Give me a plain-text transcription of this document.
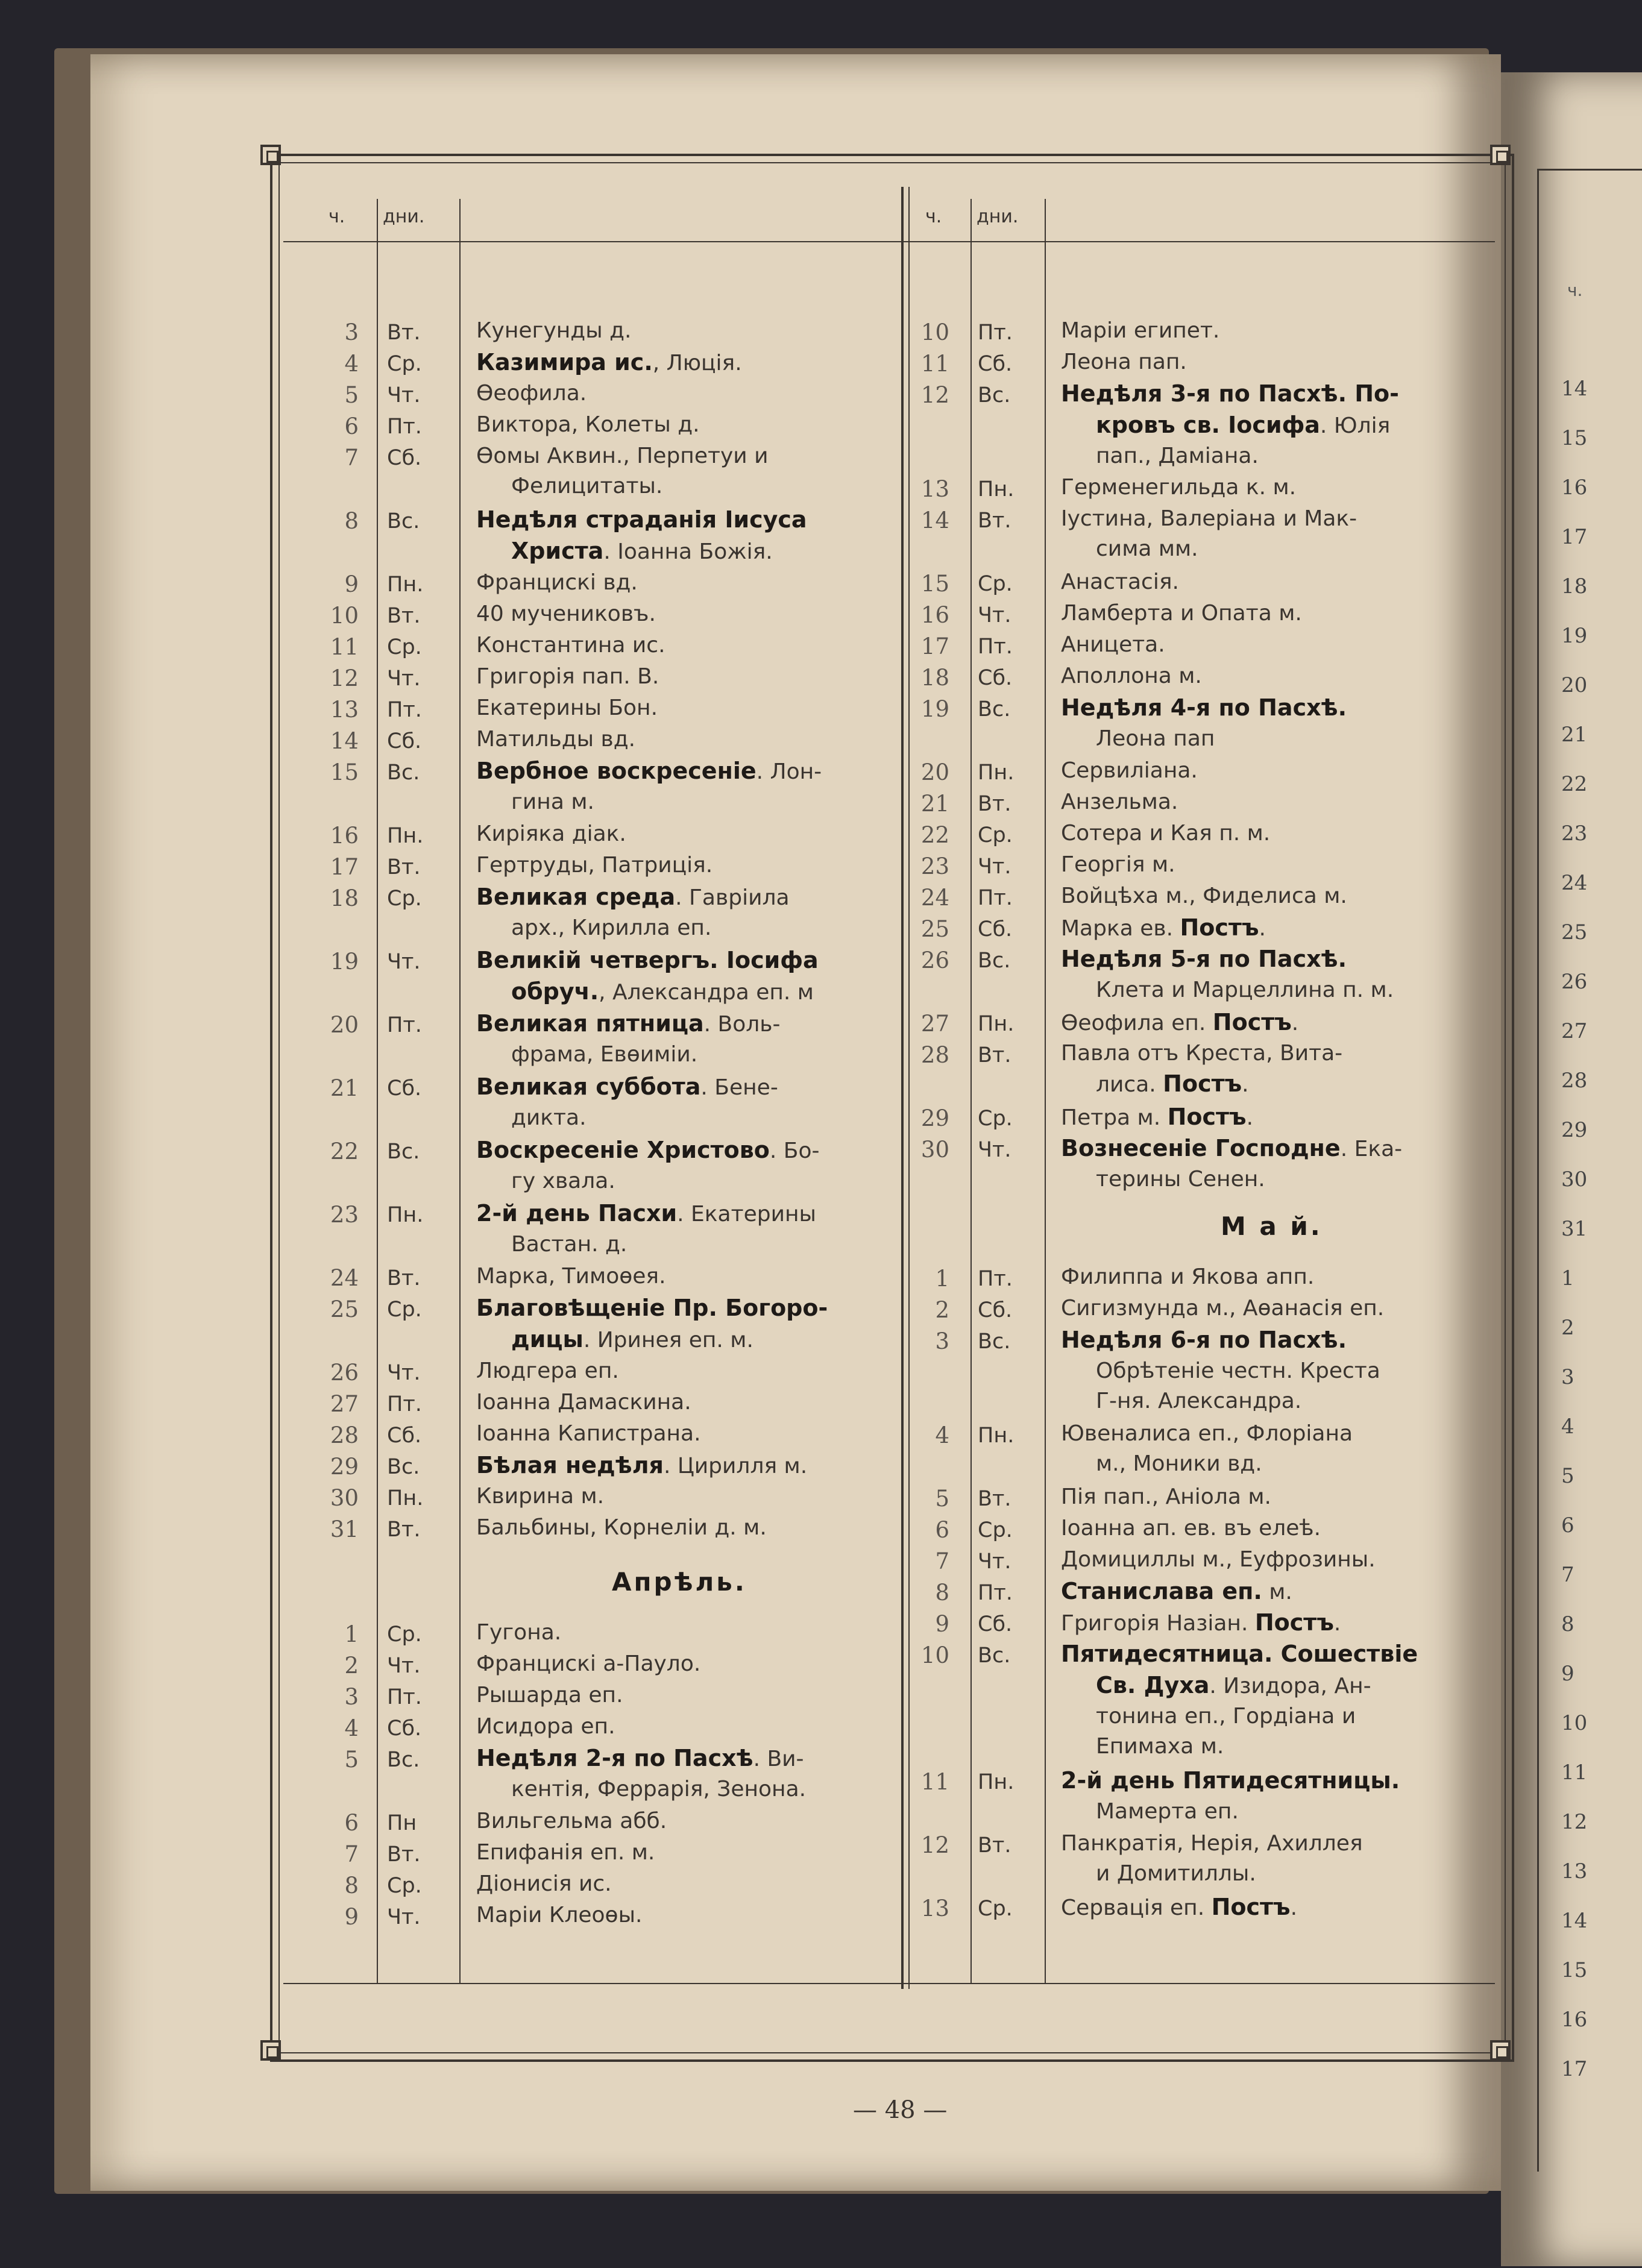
ч.
14
15
16
17
18
19
20
21
22
23
24
25
26
27
28
29
30
31
1
2
3
4
5
6
7
8
9
10
11
12
13
14
15
16
17
ч. дни.	ч. дни.
3 Вт.	Кунегунды д.
4 Ср. Казимира ис., Люція.
5 Чт.	Өеофила.
6 Пт.	Виктора, Колеты д.
7 Сб.	Өомы Аквин., Перпетуи и
Фелицитаты.
8 Вс. Недѣля страданія Іисуса
Христа. Іоанна Божія.
9 Пн. Францискі вд.
10 Вт.	40 мучениковъ.
11 Ср.	Константина ис.
12 Чт.	Григорія пап. В.
13 Пт.	Екатерины Бон.
14 Сб.	Матильды вд.
15 Вс. Вербное воскресеніе. Лон-
гина м.
16 Пн. Киріяка діак.
17 Вт.	Гертруды, Патриція.
18 Ср. Великая среда. Гавріила
арх., Кирилла еп.
19 Чт. Великій четвергъ. Іосифа
обруч., Александра еп. м
20 Пт. Великая пятница. Воль-
фрама, Евѳиміи.
21 Сб. Великая суббота. Бене-
дикта.
22 Вс. Воскресеніе Христово. Бо-
гу хвала.
23 Пн. 2-й день Пасхи. Екатерины
Вастан. д.
24 Вт.	Марка, Тимоѳея.
25 Ср. Благовѣщеніе Пр. Богоро-
дицы. Иринея еп. м.
26 Чт.	Людгера еп.
27 Пт.	Іоанна Дамаскина.
28 Сб.	Іоанна Капистрана.
29 Вс. Бѣлая недѣля. Цирилля м.
30 Пн. Квирина м.
31 Вт.	Бальбины, Корнеліи д. м.
1 Ср.	Гугона.
2 Чт.	Францискі а-Пауло.
3 Пт.	Рышарда еп.
4 Сб.	Исидора еп.
5 Вс. Недѣля 2-я по Пасхѣ. Ви-
кентія, Феррарія, Зенона.
6 Пн	Вильгельма абб.
7 Вт.	Епифанія еп. м.
8 Ср.	Діонисія ис.
9 Чт.	Маріи Клеоѳы.
Апрѣль.
10 Пт. Маріи египет.
11 Сб. Леона пап.
12 Вс. Недѣля 3-я по Пасхѣ. По-
кровъ св. Іосифа. Юлія
пап., Даміана.
13 Пн. Герменегильда к. м.
14 Вт. Іустина, Валеріана и Мак-
сима мм.
15 Ср. Анастасія.
16 Чт. Ламберта и Опата м.
17 Пт. Аницета.
18 Сб. Аполлона м.
19 Вс. Недѣля 4-я по Пасхѣ.
Леона пап
20 Пн. Сервиліана.
21 Вт. Анзельма.
22 Ср. Сотера и Кая п. м.
23 Чт. Георгія м.
24 Пт. Войцѣха м., Фиделиса м.
25 Сб. Марка ев. Постъ.
26 Вс. Недѣля 5-я по Пасхѣ.
Клета и Марцеллина п. м.
27 Пн. Өеофила еп. Постъ.
28 Вт. Павла отъ Креста, Вита-
лиса. Постъ.
29 Ср. Петра м. Постъ.
30 Чт. Вознесеніе Господне. Ека-
терины Сенен.
1 Пт. Филиппа и Якова апп.
2 Сб. Сигизмунда м., Аѳанасія еп.
3 Вс. Недѣля 6-я по Пасхѣ.
Обрѣтеніе честн. Креста
Г-ня. Александра.
4 Пн. Ювеналиса еп., Флоріана
м., Моники вд.
5 Вт. Пія пап., Аніола м.
6 Ср. Іоанна ап. ев. въ елеѣ.
7 Чт. Домициллы м., Еуфрозины.
8 Пт. Станислава еп. м.
9 Сб. Григорія Назіан. Постъ.
10 Вс. Пятидесятница. Сошествіе
Св. Духа. Изидора, Ан-
тонина еп., Гордіана и
Епимаха м.
11 Пн. 2-й день Пятидесятницы.
Мамерта еп.
12 Вт. Панкратія, Нерія, Ахиллея
и Домитиллы.
13 Ср. Сервація еп. Постъ.
М а й.
— 48 —
